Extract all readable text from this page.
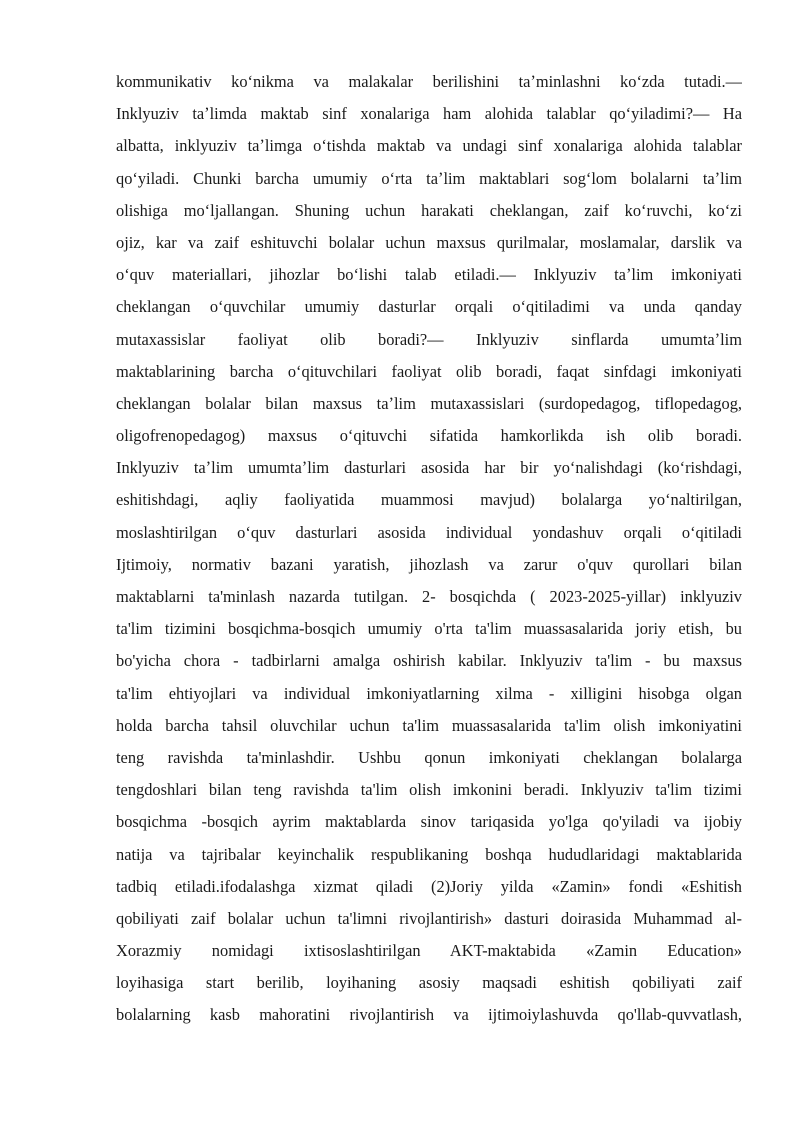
kommunikativ koʻnikma va malakalar berilishini taʼminlashni koʻzda tutadi.—
Inklyuziv taʼlimda maktab sinf xonalariga ham alohida talablar qoʻyiladimi?— Ha
albatta, inklyuziv taʼlimga oʻtishda maktab va undagi sinf xonalariga alohida talablar
qoʻyiladi. Chunki barcha umumiy oʻrta taʼlim maktablari sogʻlom bolalarni taʼlim
olishiga moʻljallangan. Shuning uchun harakati cheklangan, zaif koʻruvchi, koʻzi
ojiz, kar va zaif eshituvchi bolalar uchun maxsus qurilmalar, moslamalar, darslik va
oʻquv materiallari, jihozlar boʻlishi talab etiladi.— Inklyuziv taʼlim imkoniyati
cheklangan oʻquvchilar umumiy dasturlar orqali oʻqitiladimi va unda qanday
mutaxassislar faoliyat olib boradi?— Inklyuziv sinflarda umumtaʼlim
maktablarining barcha oʻqituvchilari faoliyat olib boradi, faqat sinfdagi imkoniyati
cheklangan bolalar bilan maxsus taʼlim mutaxassislari (surdopedagog, tiflopedagog,
oligofrenopedagog) maxsus oʻqituvchi sifatida hamkorlikda ish olib boradi.
Inklyuziv taʼlim umumtaʼlim dasturlari asosida har bir yoʻnalishdagi (koʻrishdagi,
eshitishdagi, aqliy faoliyatida muammosi mavjud) bolalarga yoʻnaltirilgan,
moslashtirilgan oʻquv dasturlari asosida individual yondashuv orqali oʻqitiladi
Ijtimoiy, normativ bazani yaratish, jihozlash va zarur o'quv qurollari bilan
maktablarni ta'minlash nazarda tutilgan. 2- bosqichda ( 2023-2025-yillar) inklyuziv
ta'lim tizimini bosqichma-bosqich umumiy o'rta ta'lim muassasalarida joriy etish, bu
bo'yicha chora - tadbirlarni amalga oshirish kabilar. Inklyuziv ta'lim - bu maxsus
ta'lim ehtiyojlari va individual imkoniyatlarning xilma - xilligini hisobga olgan
holda barcha tahsil oluvchilar uchun ta'lim muassasalarida ta'lim olish imkoniyatini
teng ravishda ta'minlashdir. Ushbu qonun imkoniyati cheklangan bolalarga
tengdoshlari bilan teng ravishda ta'lim olish imkonini beradi. Inklyuziv ta'lim tizimi
bosqichma -bosqich ayrim maktablarda sinov tariqasida yo'lga qo'yiladi va ijobiy
natija va tajribalar keyinchalik respublikaning boshqa hududlaridagi maktablarida
tadbiq etiladi.ifodalashga xizmat qiladi (2)Joriy yilda «Zamin» fondi «Eshitish
qobiliyati zaif bolalar uchun ta'limni rivojlantirish» dasturi doirasida Muhammad al-
Xorazmiy nomidagi ixtisoslashtirilgan AKT-maktabida «Zamin Education»
loyihasiga start berilib, loyihaning asosiy maqsadi eshitish qobiliyati zaif
bolalarning kasb mahoratini rivojlantirish va ijtimoiylashuvda qo'llab-quvvatlash,
